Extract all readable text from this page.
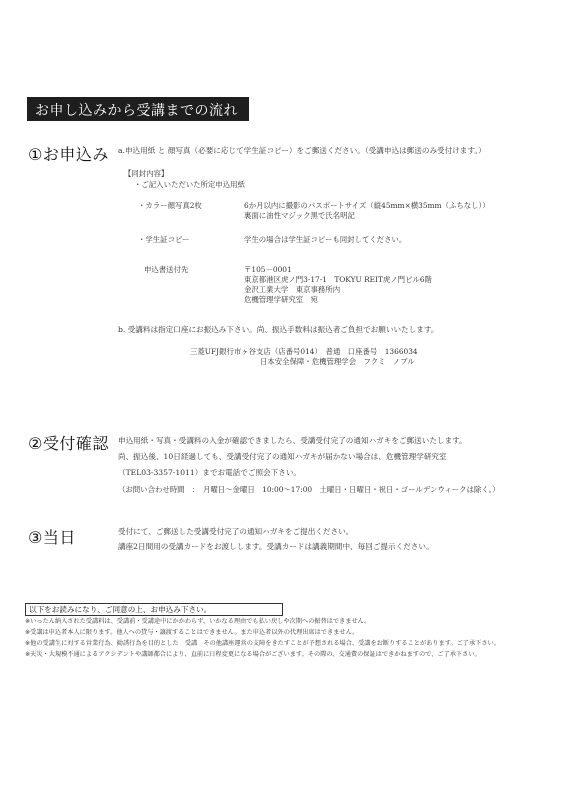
お申し込みから受講までの流れ
①お申込み a.申込用紙 と 顔写真（必要に応じて学生証コピー）をご郵送ください。（受講申込は郵送のみ受付けます。）
【同封内容】
・ご記入いただいた所定申込用紙
・カラー顔写真2枚	6か月以内に撮影のパスポートサイズ（縦45mm×横35mm（ふちなし））
裏面に油性マジック黒で氏名明記
・学生証コピー	学生の場合は学生証コピーも同封してください。
申込書送付先	〒105－0001
東京都港区虎ノ門3-17-1　TOKYU REIT虎ノ門ビル6階
金沢工業大学　東京事務所内
危機管理学研究室　宛
b. 受講料は指定口座にお振込み下さい。尚、振込手数料は振込者ご負担でお願いいたします。
三菱UFJ銀行市ヶ谷支店（店番号014）　普通　口座番号　1366034
日本安全保障・危機管理学会　フクミ　ノブル
②受付確認 申込用紙・写真・受講料の入金が確認できましたら、受講受付完了の通知ハガキをご郵送いたします。
尚、振込後、10日経過しても、受講受付完了の通知ハガキが届かない場合は、危機管理学研究室
（TEL03-3357-1011）までお電話でご照会下さい。
（お問い合わせ時間　：　月曜日～金曜日　10:00～17:00　土曜日・日曜日・祝日・ゴールデンウィークは除く。）
③当日	受付にて、ご郵送した受講受付完了の通知ハガキをご提出ください。
講座2日間用の受講カードをお渡しします。受講カードは講義期間中、毎回ご提示ください。
以下をお読みになり、ご同意の上、お申込み下さい。
※いったん納入された受講料は、受講前・受講途中にかかわらず、いかなる理由でも払い戻しや次期への振替はできません。
※受講は申込者本人に限ります。他人への貸与・譲渡することはできません。また申込者以外の代理出席はできません。
※他の受講生に対する営業行為、勧誘行為を目的とした　受講　その他講座運営の支障をきたすことが予想される場合、受講をお断りすることがあります。ご了承下さい。
※天災・大規模不通によるアクシデントや講師都合により、直前に日程変更になる場合がございます。その際の、交通費の保証はできかねますので、ご了承下さい。
